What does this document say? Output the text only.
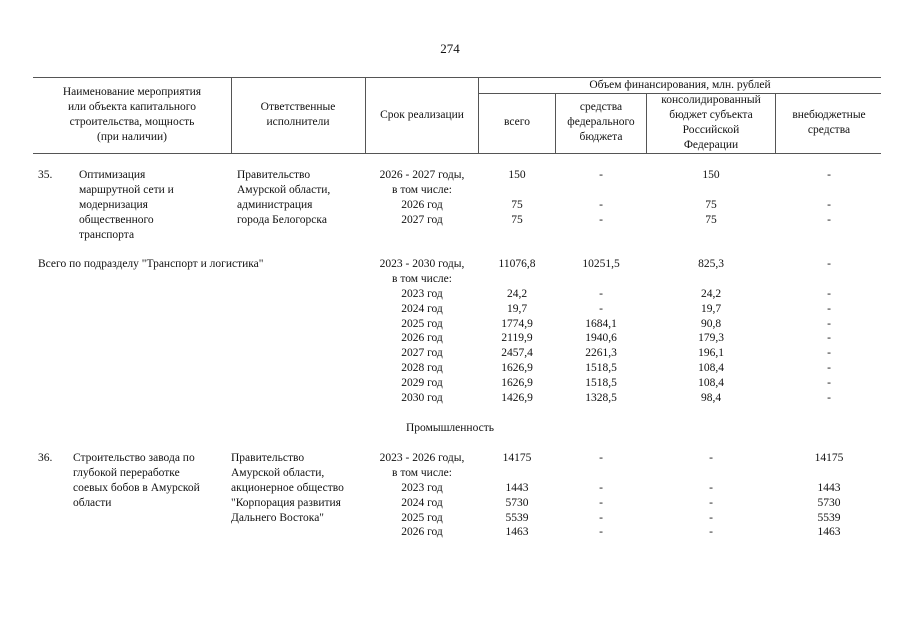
274
Наименование мероприятия
или объекта капитального
строительства, мощность
(при наличии)
Ответственные
исполнители
Срок реализации
Объем финансирования, млн. рублей
всего
средства
федерального
бюджета
консолидированный
бюджет субъекта
Российской
Федерации
внебюджетные
средства
35. Оптимизация
маршрутной сети и
модернизация
общественного
транспорта
Правительство
Амурской области,
администрация
города Белогорска
2026 - 2027 годы,
в том числе:
2026 год
2027 год
150
75
75
-
-
-
150
75
75
-
-
-
Всего по подразделу "Транспорт и логистика"	2023 - 2030 годы,
в том числе:
2023 год
2024 год
2025 год
2026 год
2027 год
2028 год
2029 год
2030 год
11076,8
24,2
19,7
1774,9
2119,9
2457,4
1626,9
1626,9
1426,9
10251,5
-
-
1684,1
1940,6
2261,3
1518,5
1518,5
1328,5
825,3
24,2
19,7
90,8
179,3
196,1
108,4
108,4
98,4
-
-
-
-
-
-
-
-
-
Промышленность
36. Строительство завода по
глубокой переработке
соевых бобов в Амурской
области
Правительство
Амурской области,
акционерное общество
"Корпорация развития
Дальнего Востока"
2023 - 2026 годы,
в том числе:
2023 год
2024 год
2025 год
2026 год
14175
1443
5730
5539
1463
-
-
-
-
-
-
-
-
-
-
14175
1443
5730
5539
1463
